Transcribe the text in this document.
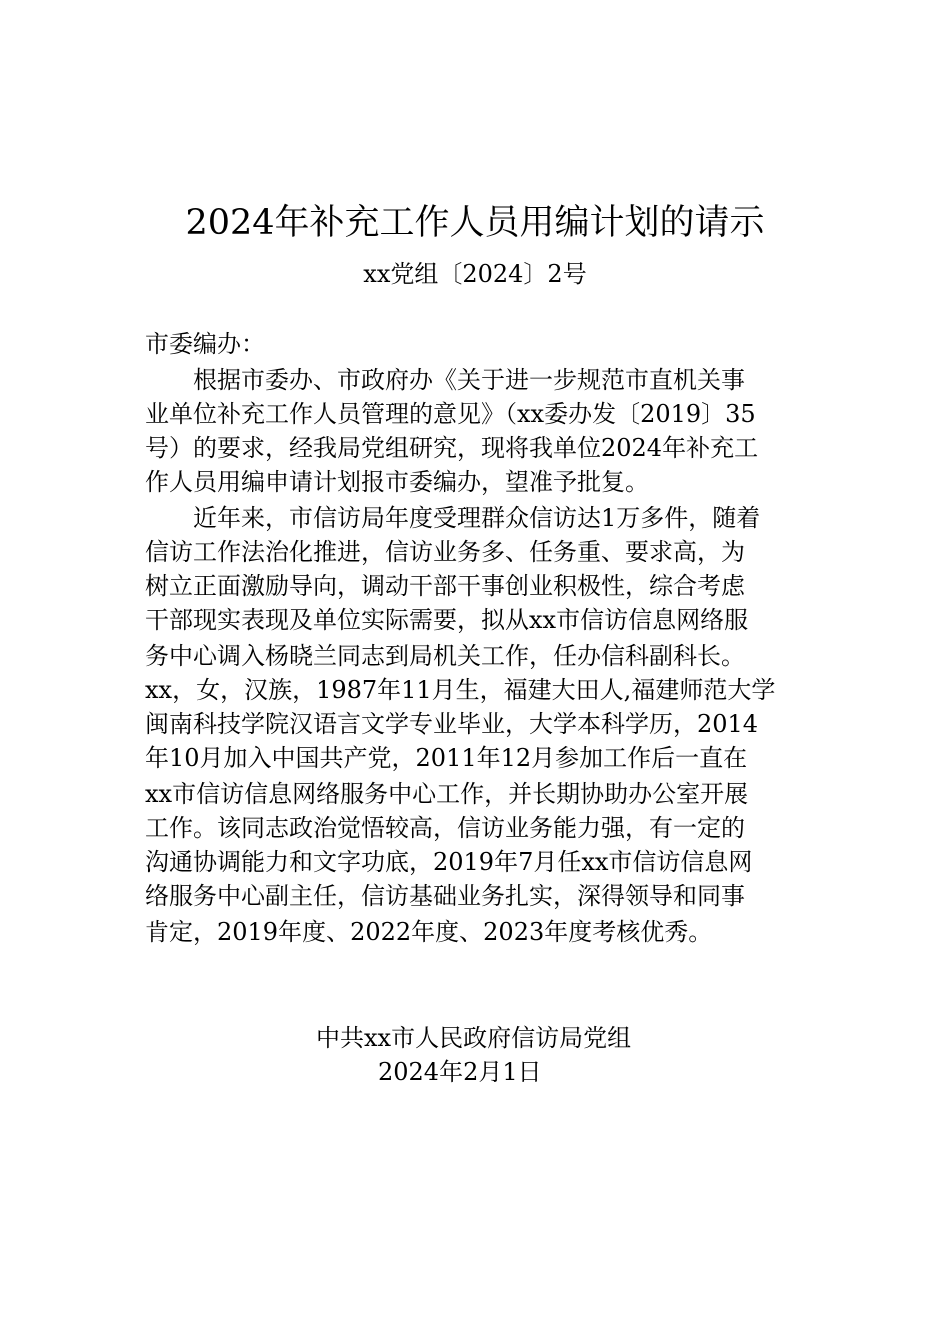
2024年补充工作人员用编计划的请示
xx党组〔2024〕2号
市委编办：
根据市委办、市政府办《关于进一步规范市直机关事
业单位补充工作人员管理的意见》（xx委办发〔2019〕35
号）的要求，经我局党组研究，现将我单位2024年补充工
作人员用编申请计划报市委编办，望准予批复。
近年来，市信访局年度受理群众信访达1万多件，随着
信访工作法治化推进，信访业务多、任务重、要求高，为
树立正面激励导向，调动干部干事创业积极性，综合考虑
干部现实表现及单位实际需要，拟从xx市信访信息网络服
务中心调入杨晓兰同志到局机关工作，任办信科副科长。
xx，女，汉族，1987年11月生，福建大田人,福建师范大学
闽南科技学院汉语言文学专业毕业，大学本科学历，2014
年10月加入中国共产党，2011年12月参加工作后一直在
xx市信访信息网络服务中心工作，并长期协助办公室开展
工作。该同志政治觉悟较高，信访业务能力强，有一定的
沟通协调能力和文字功底，2019年7月任xx市信访信息网
络服务中心副主任，信访基础业务扎实，深得领导和同事
肯定，2019年度、2022年度、2023年度考核优秀。
中共xx市人民政府信访局党组
2024年2月1日
